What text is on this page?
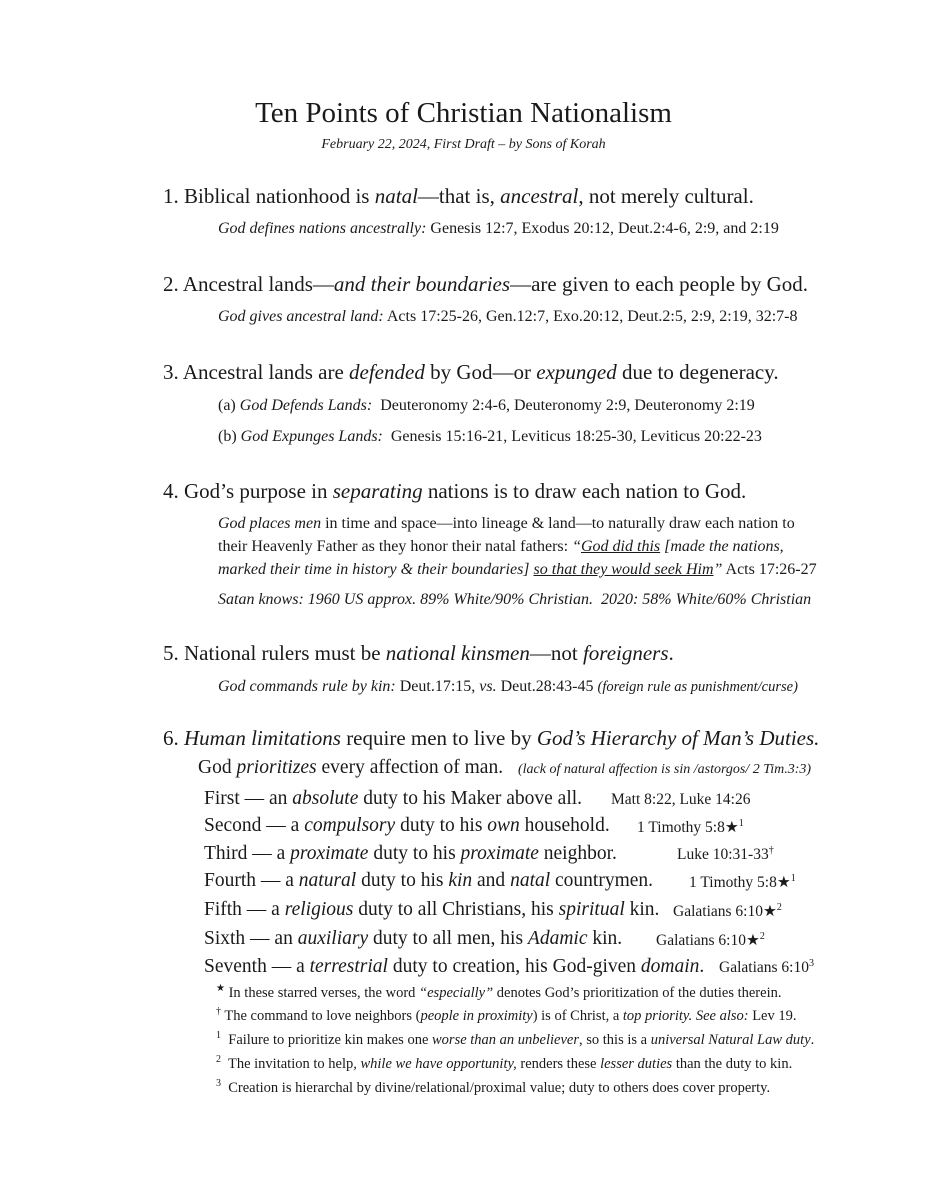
Ten Points of Christian Nationalism
February 22, 2024, First Draft – by Sons of Korah
1. Biblical nationhood is natal—that is, ancestral, not merely cultural.
God defines nations ancestrally: Genesis 12:7, Exodus 20:12, Deut.2:4-6, 2:9, and 2:19
2. Ancestral lands—and their boundaries—are given to each people by God.
God gives ancestral land: Acts 17:25-26, Gen.12:7, Exo.20:12, Deut.2:5, 2:9, 2:19, 32:7-8
3. Ancestral lands are defended by God—or expunged due to degeneracy.
(a) God Defends Lands:  Deuteronomy 2:4-6, Deuteronomy 2:9, Deuteronomy 2:19
(b) God Expunges Lands:  Genesis 15:16-21, Leviticus 18:25-30, Leviticus 20:22-23
4. God’s purpose in separating nations is to draw each nation to God.
God places men in time and space—into lineage & land—to naturally draw each nation to
their Heavenly Father as they honor their natal fathers: “God did this [made the nations,
marked their time in history & their boundaries] so that they would seek Him” Acts 17:26-27
Satan knows: 1960 US approx. 89% White/90% Christian.  2020: 58% White/60% Christian
5. National rulers must be national kinsmen—not foreigners.
God commands rule by kin: Deut.17:15, vs. Deut.28:43-45 (foreign rule as punishment/curse)
6. Human limitations require men to live by God’s Hierarchy of Man’s Duties.
God prioritizes every affection of man. (lack of natural affection is sin /astorgos/ 2 Tim.3:3)
First — an absolute duty to his Maker above all. Matt 8:22, Luke 14:26
Second — a compulsory duty to his own household. 1 Timothy 5:8★$^1$
Third — a proximate duty to his proximate neighbor.	Luke 10:31-33†
Fourth — a natural duty to his kin and natal countrymen. 1 Timothy 5:8★$^1$
Fifth — a religious duty to all Christians, his spiritual kin. Galatians 6:10★$^2$
Sixth — an auxiliary duty to all men, his Adamic kin. Galatians 6:10★$^2$
Seventh — a terrestrial duty to creation, his God-given domain. Galatians $6:10^3$
★ In these starred verses, the word “especially” denotes God’s prioritization of the duties therein.
† The command to love neighbors (people in proximity) is of Christ, a top priority. See also: Lev 19.
$^1$  Failure to prioritize kin makes one worse than an unbeliever, so this is a universal Natural Law duty.
$^2$  The invitation to help, while we have opportunity, renders these lesser duties than the duty to kin.
$^3$  Creation is hierarchal by divine/relational/proximal value; duty to others does cover property.
